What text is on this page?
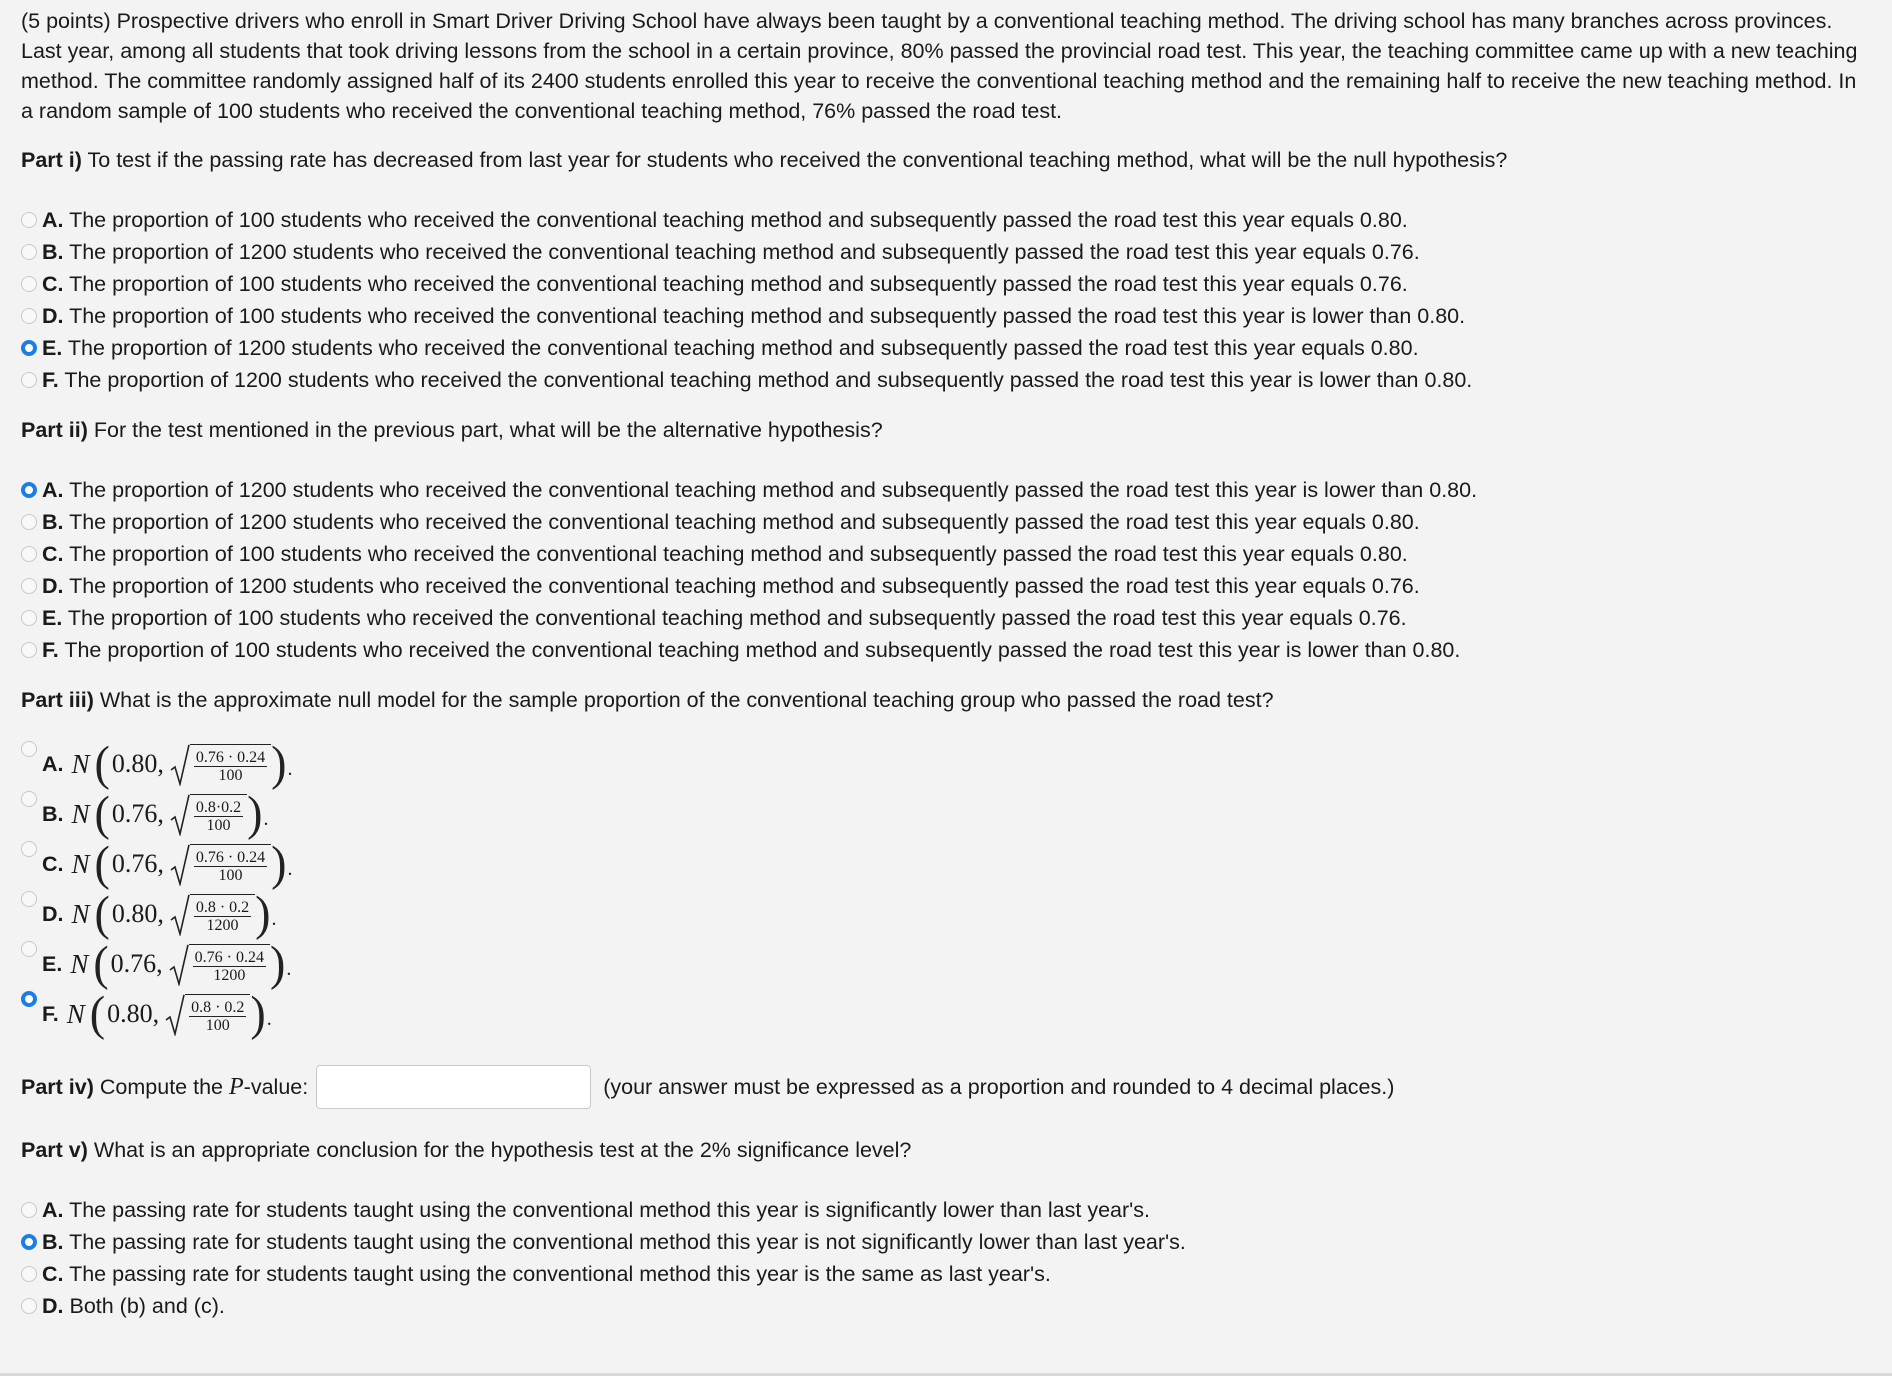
(5 points) Prospective drivers who enroll in Smart Driver Driving School have always been taught by a conventional teaching method. The driving school has many branches across provinces. Last year, among all students that took driving lessons from the school in a certain province, 80% passed the provincial road test. This year, the teaching committee came up with a new teaching method. The committee randomly assigned half of its 2400 students enrolled this year to receive the conventional teaching method and the remaining half to receive the new teaching method. In a random sample of 100 students who received the conventional teaching method, 76% passed the road test.

Part i) To test if the passing rate has decreased from last year for students who received the conventional teaching method, what will be the null hypothesis?
A. The proportion of 100 students who received the conventional teaching method and subsequently passed the road test this year equals 0.80.
B. The proportion of 1200 students who received the conventional teaching method and subsequently passed the road test this year equals 0.76.
C. The proportion of 100 students who received the conventional teaching method and subsequently passed the road test this year equals 0.76.
D. The proportion of 100 students who received the conventional teaching method and subsequently passed the road test this year is lower than 0.80.
E. The proportion of 1200 students who received the conventional teaching method and subsequently passed the road test this year equals 0.80.
F. The proportion of 1200 students who received the conventional teaching method and subsequently passed the road test this year is lower than 0.80.
Part ii) For the test mentioned in the previous part, what will be the alternative hypothesis?
A. The proportion of 1200 students who received the conventional teaching method and subsequently passed the road test this year is lower than 0.80.
B. The proportion of 1200 students who received the conventional teaching method and subsequently passed the road test this year equals 0.80.
C. The proportion of 100 students who received the conventional teaching method and subsequently passed the road test this year equals 0.80.
D. The proportion of 1200 students who received the conventional teaching method and subsequently passed the road test this year equals 0.76.
E. The proportion of 100 students who received the conventional teaching method and subsequently passed the road test this year equals 0.76.
F. The proportion of 100 students who received the conventional teaching method and subsequently passed the road test this year is lower than 0.80.
Part iii) What is the approximate null model for the sample proportion of the conventional teaching group who passed the road test?
A. N ( 0.80, $\frac{0.76 \cdot 0.24}{100}$ ) .
B. N ( 0.76, $\frac{0.8\cdot 0.2}{100}$ ) .
C. N ( 0.76, $\frac{0.76 \cdot 0.24}{100}$ ) .
D. N ( 0.80, $\frac{0.8 \cdot 0.2}{1200}$ ) .
E. N ( 0.76, $\frac{0.76 \cdot 0.24}{1200}$ ) .
F. N ( 0.80, $\frac{0.8 \cdot 0.2}{100}$ ) .
Part iv) Compute the P -value:	(your answer must be expressed as a proportion and rounded to 4 decimal places.)
Part v) What is an appropriate conclusion for the hypothesis test at the 2% significance level?
A. The passing rate for students taught using the conventional method this year is significantly lower than last year's.
B. The passing rate for students taught using the conventional method this year is not significantly lower than last year's.
C. The passing rate for students taught using the conventional method this year is the same as last year's.
D. Both (b) and (c).
